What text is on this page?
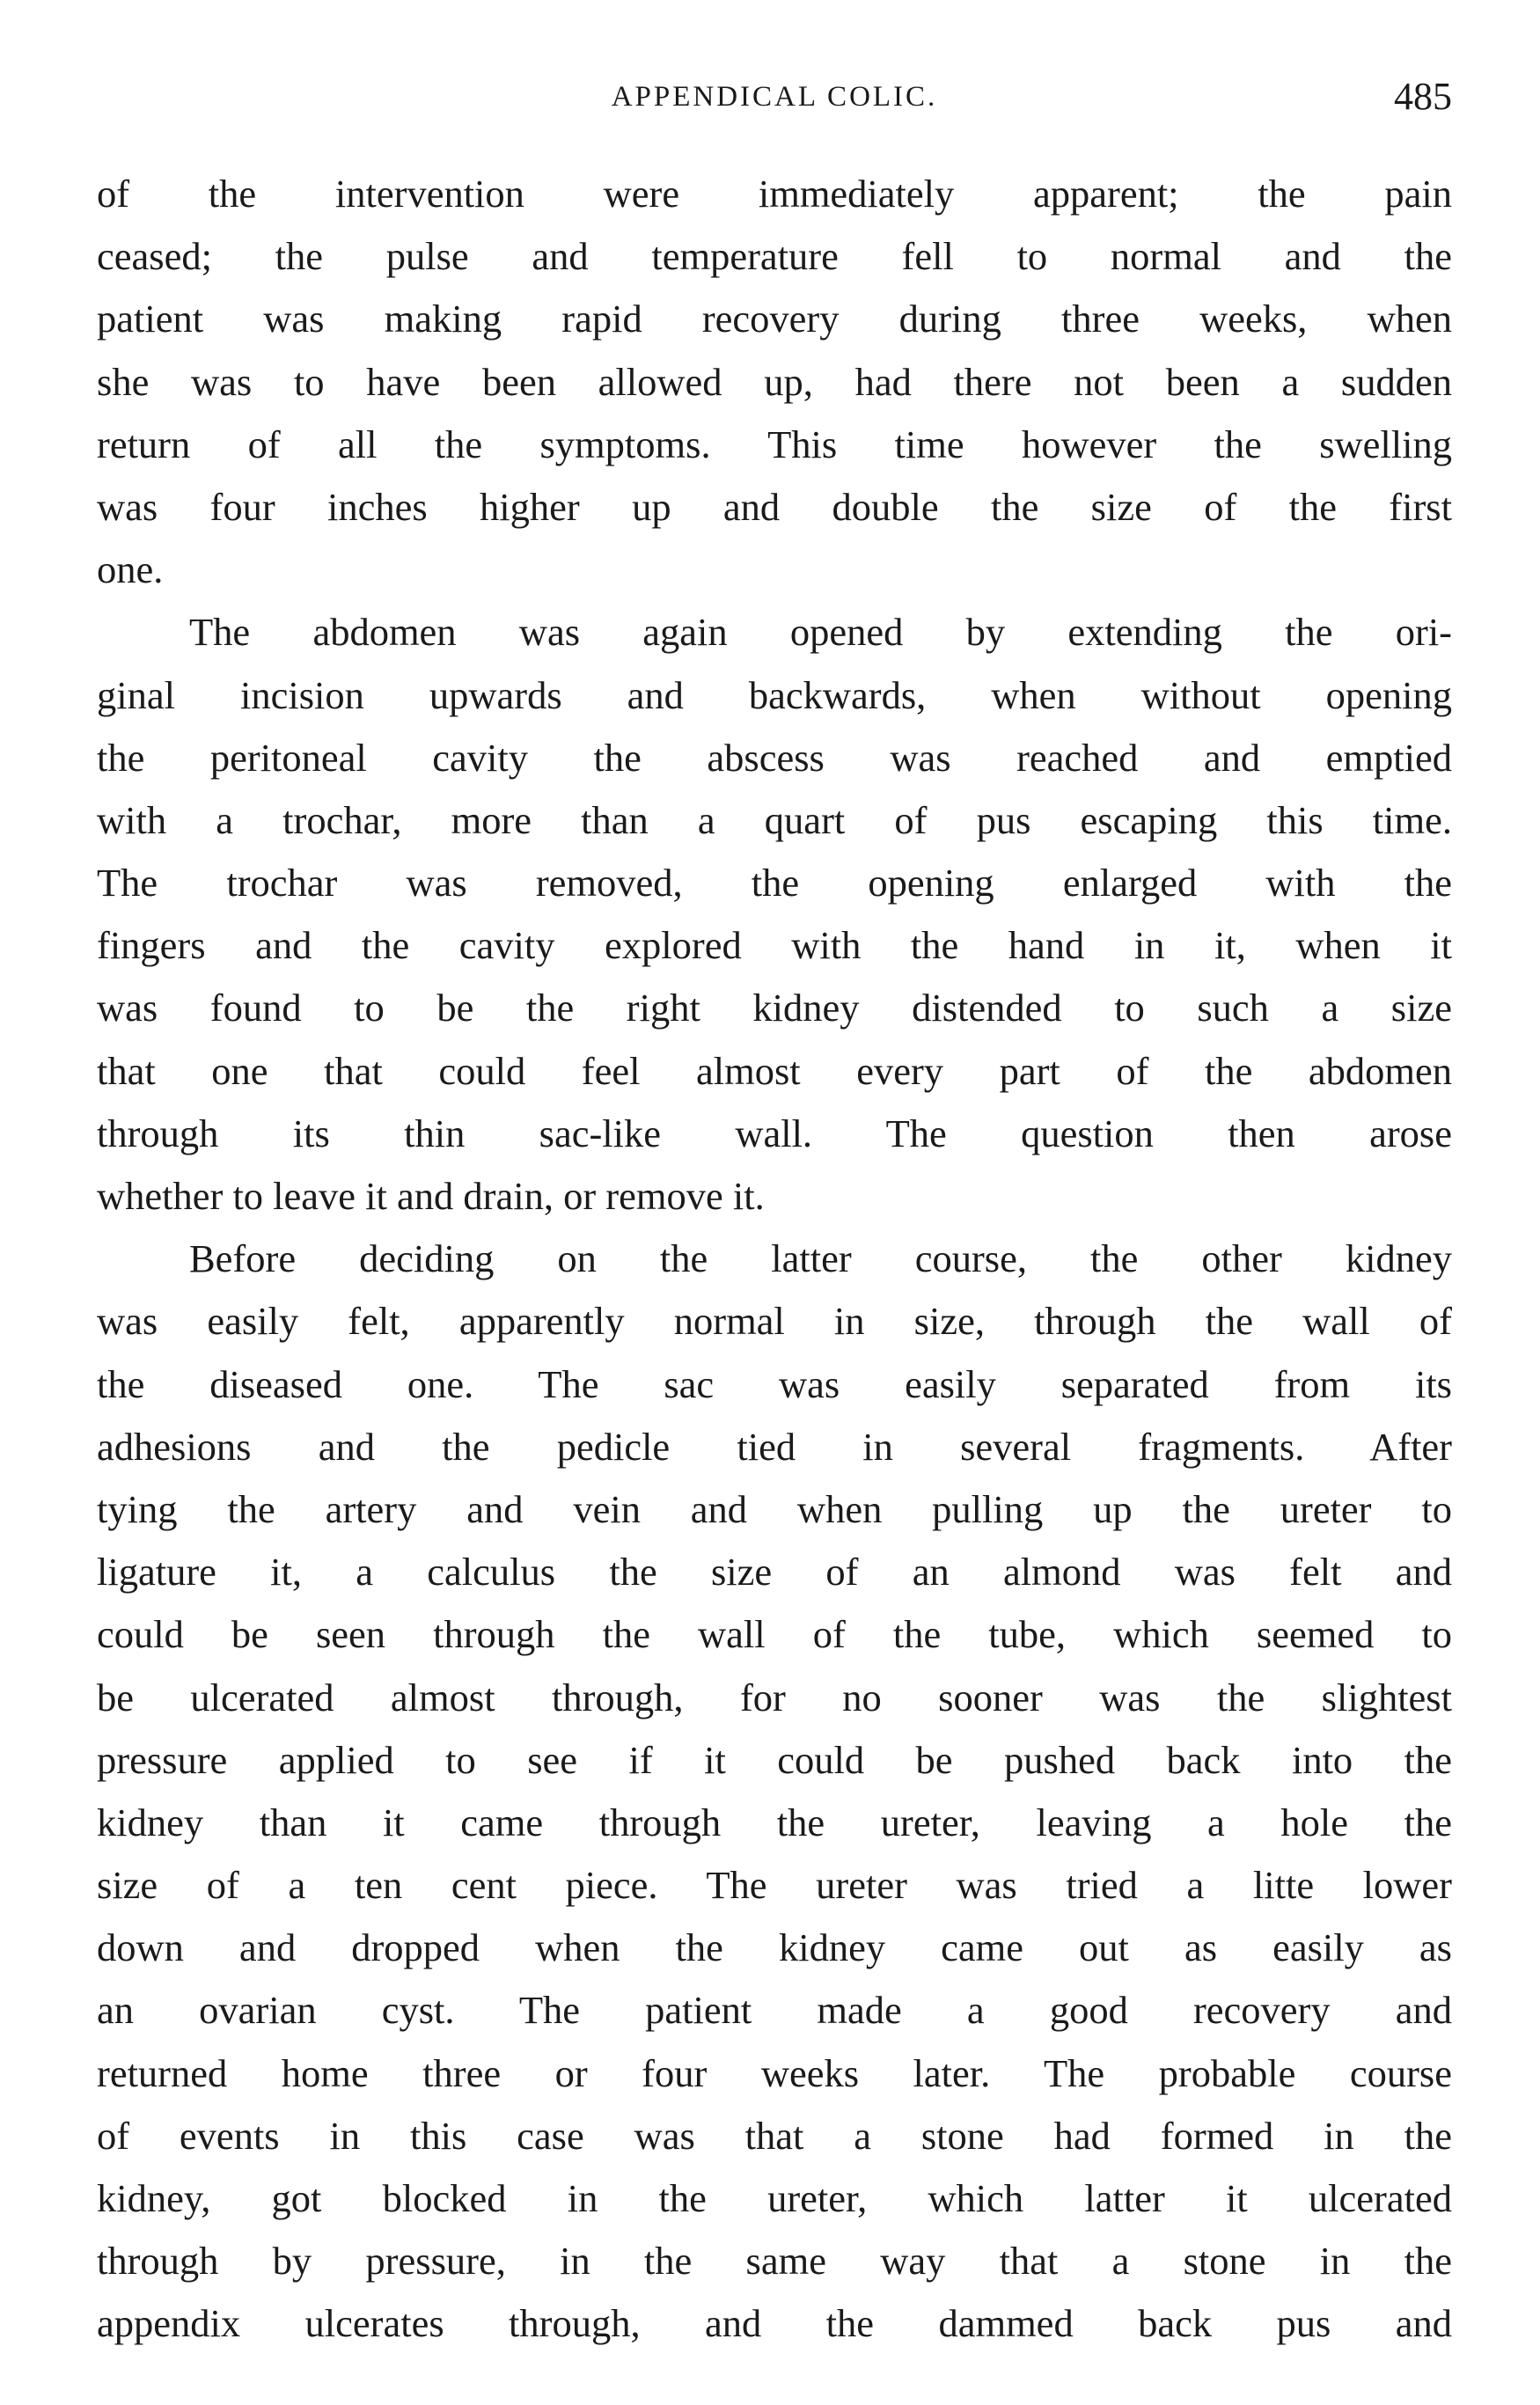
APPENDICAL COLIC.	485
of the intervention were immediately apparent; the pain
ceased; the pulse and temperature fell to normal and the
patient was making rapid recovery during three weeks, when
she was to have been allowed up, had there not been a sudden
return of all the symptoms. This time however the swelling
was four inches higher up and double the size of the first
one.
The abdomen was again opened by extending the ori-
ginal incision upwards and backwards, when without opening
the peritoneal cavity the abscess was reached and emptied
with a trochar, more than a quart of pus escaping this time.
The trochar was removed, the opening enlarged with the
fingers and the cavity explored with the hand in it, when it
was found to be the right kidney distended to such a size
that one that could feel almost every part of the abdomen
through its thin sac-like wall. The question then arose
whether to leave it and drain, or remove it.
Before deciding on the latter course, the other kidney
was easily felt, apparently normal in size, through the wall of
the diseased one. The sac was easily separated from its
adhesions and the pedicle tied in several fragments. After
tying the artery and vein and when pulling up the ureter to
ligature it, a calculus the size of an almond was felt and
could be seen through the wall of the tube, which seemed to
be ulcerated almost through, for no sooner was the slightest
pressure applied to see if it could be pushed back into the
kidney than it came through the ureter, leaving a hole the
size of a ten cent piece. The ureter was tried a litte lower
down and dropped when the kidney came out as easily as
an ovarian cyst. The patient made a good recovery and
returned home three or four weeks later. The probable course
of events in this case was that a stone had formed in the
kidney, got blocked in the ureter, which latter it ulcerated
through by pressure, in the same way that a stone in the
appendix ulcerates through, and the dammed back pus and
